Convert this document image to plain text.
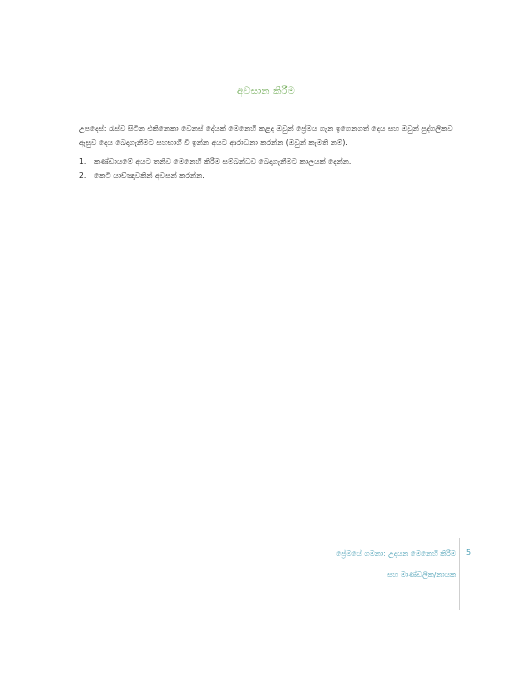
අවසාන කිරීම
උපදෙස්: රැස්ව සිටින එකිනෙකා වෙනස් දේයක් මෙනෙහි කළද ඔවුන් ප්‍රේමය ගැන ඉගෙනගත් දෙය සහ ඔවුන් පුද්ගලිකව ඇසුව දෙය බෙදාගැනීමට සහභාගී වී ඉන්න අයට ආරාධනා කරන්න (ඔවුන් කැමති නම්).
1.	කණ්ඩායමේ අයට තනිව මෙනෙහි කිරීම සම්බන්ධව බෙදාගැනීමට කාලයක් දෙන්න.
2.	කෙටි යාච්ඤාවකින් අවසන් කරන්න.
ප්‍රේමයේ ගමනා: උදයන මෙනෙහි කිරීම
සහ මාණ්ඩලික/නායක
5
